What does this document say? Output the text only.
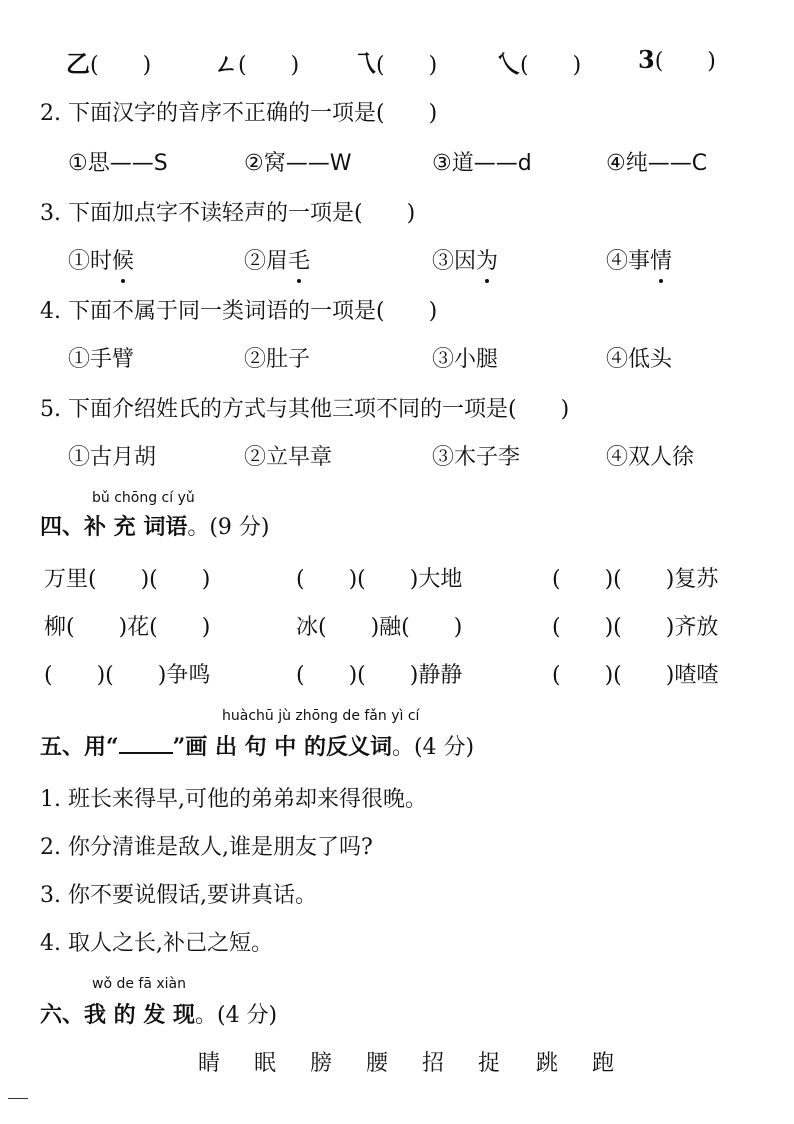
乙(　　)	ㄥ(　　) 乁(　　) 乀(　　) 3(　　)
2. 下面汉字的音序不正确的一项是(　　)
①思——S	②窝——W	③道——d	④纯——C
3. 下面加点字不读轻声的一项是(　　)
①时候	②眉毛	③因为	④事情
4. 下面不属于同一类词语的一项是(　　)
①手臂	②肚子	③小腿	④低头
5. 下面介绍姓氏的方式与其他三项不同的一项是(　　)
①古月胡	②立早章	③木子李	④双人徐
bǔ chōng cí yǔ
四、补 充 词语。(9 分)
万里(　　)(　　)	(　　)(　　)大地	(　　)(　　)复苏
柳(　　)花(　　)	冰(　　)融(　　)	(　　)(　　)齐放
(　　)(　　)争鸣	(　　)(　　)静静	(　　)(　　)喳喳
huàchū jù zhōng de fǎn yì cí
五、用“ ”画 出 句 中 的反义词。(4 分)
1. 班长来得早,可他的弟弟却来得很晚。
2. 你分清谁是敌人,谁是朋友了吗?
3. 你不要说假话,要讲真话。
4. 取人之长,补己之短。
wǒ de fā xiàn
六、我 的 发 现。(4 分)
睛 眠 膀 腰 招 捉 跳 跑
